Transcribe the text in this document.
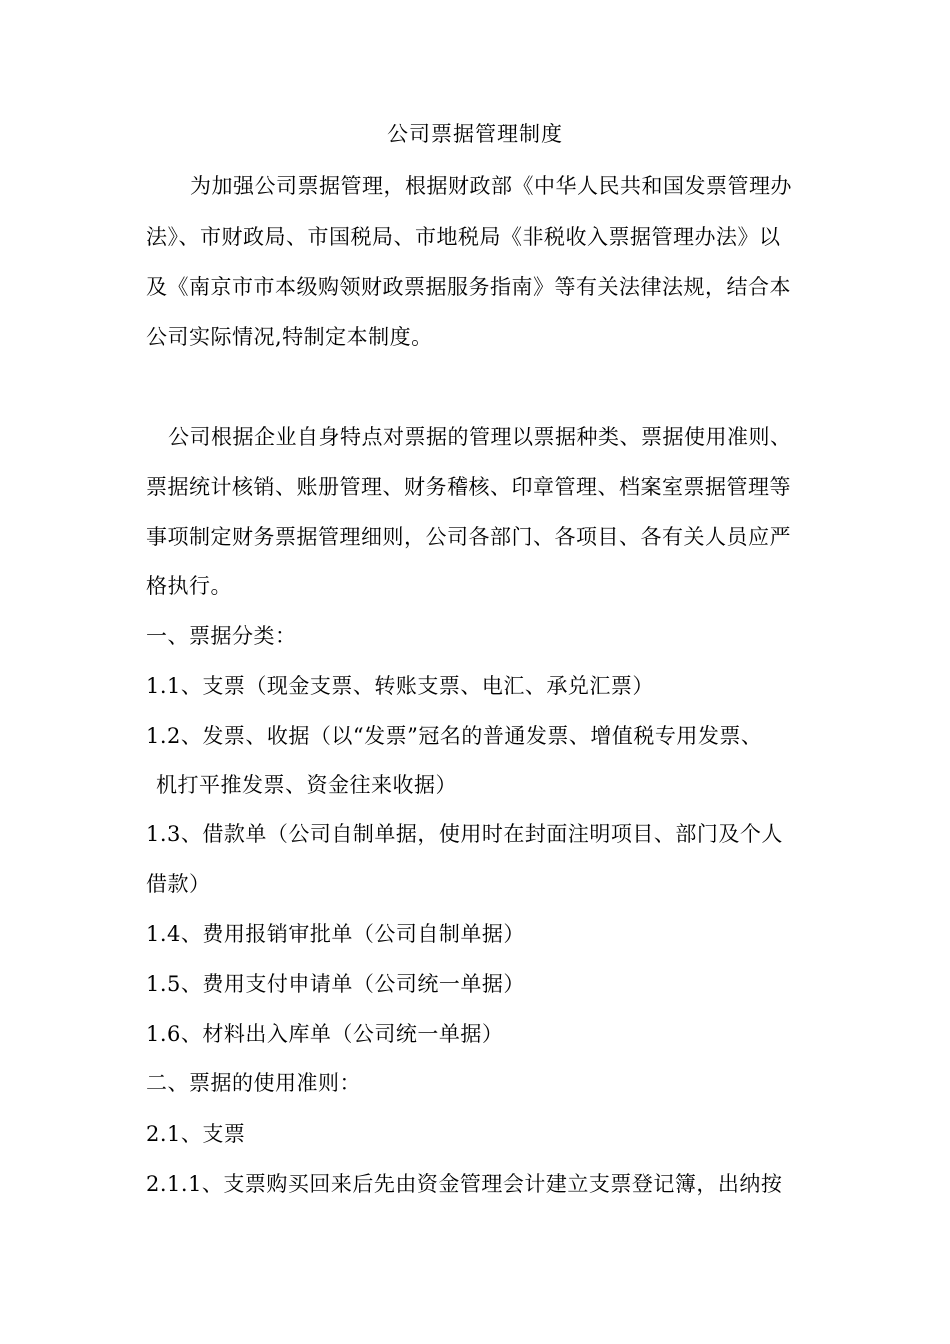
公司票据管理制度
为加强公司票据管理，根据财政部《中华人民共和国发票管理办
法》、市财政局、市国税局、市地税局《非税收入票据管理办法》以
及《南京市市本级购领财政票据服务指南》等有关法律法规，结合本
公司实际情况,特制定本制度。
公司根据企业自身特点对票据的管理以票据种类、票据使用准则、
票据统计核销、账册管理、财务稽核、印章管理、档案室票据管理等
事项制定财务票据管理细则，公司各部门、各项目、各有关人员应严
格执行。
一、票据分类：
1.1、支票（现金支票、转账支票、电汇、承兑汇票）
1.2、发票、收据（以“发票”冠名的普通发票、增值税专用发票、
机打平推发票、资金往来收据）
1.3、借款单（公司自制单据，使用时在封面注明项目、部门及个人
借款）
1.4、费用报销审批单（公司自制单据）
1.5、费用支付申请单（公司统一单据）
1.6、材料出入库单（公司统一单据）
二、票据的使用准则：
2.1、支票
2.1.1、支票购买回来后先由资金管理会计建立支票登记簿，出纳按
